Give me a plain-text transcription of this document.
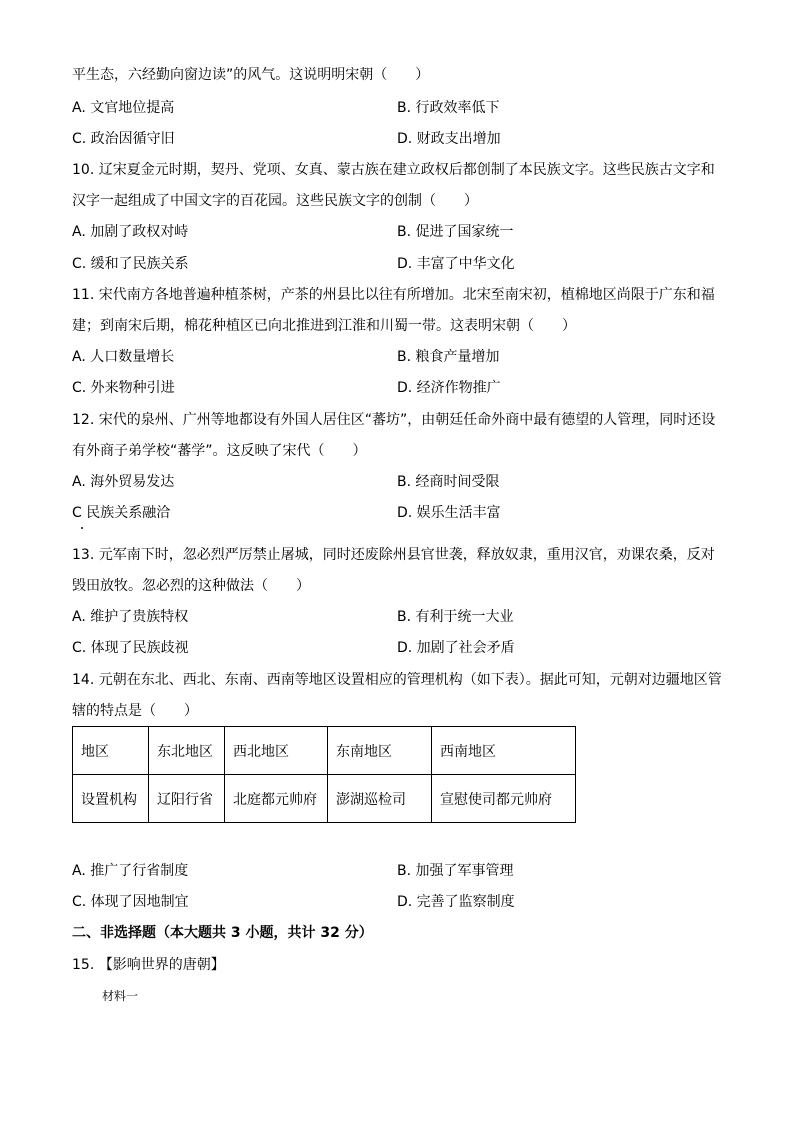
平生态，六经勤向窗边读”的风气。这说明明宋朝（　　）
A. 文官地位提高	B. 行政效率低下
C. 政治因循守旧	D. 财政支出增加
10. 辽宋夏金元时期，契丹、党项、女真、蒙古族在建立政权后都创制了本民族文字。这些民族古文字和
汉字一起组成了中国文字的百花园。这些民族文字的创制（　　）
A. 加剧了政权对峙	B. 促进了国家统一
C. 缓和了民族关系	D. 丰富了中华文化
11. 宋代南方各地普遍种植茶树，产茶的州县比以往有所增加。北宋至南宋初，植棉地区尚限于广东和福
建；到南宋后期，棉花种植区已向北推进到江淮和川蜀一带。这表明宋朝（　　）
A. 人口数量增长	B. 粮食产量增加
C. 外来物种引进	D. 经济作物推广
12. 宋代的泉州、广州等地都设有外国人居住区“蕃坊”，由朝廷任命外商中最有德望的人管理，同时还设
有外商子弟学校“蕃学”。这反映了宋代（　　）
A. 海外贸易发达	B. 经商时间受限
C 民族关系融洽	D. 娱乐生活丰富
13. 元军南下时，忽必烈严厉禁止屠城，同时还废除州县官世袭，释放奴隶，重用汉官，劝课农桑，反对
毁田放牧。忽必烈的这种做法（　　）
A. 维护了贵族特权	B. 有利于统一大业
C. 体现了民族歧视	D. 加剧了社会矛盾
14. 元朝在东北、西北、东南、西南等地区设置相应的管理机构（如下表）。据此可知，元朝对边疆地区管
辖的特点是（　　）
地区	东北地区	西北地区	东南地区	西南地区
设置机构	辽阳行省	北庭都元帅府	澎湖巡检司	宣慰使司都元帅府
A. 推广了行省制度	B. 加强了军事管理
C. 体现了因地制宜	D. 完善了监察制度
二、非选择题（本大题共 3 小题，共计 32 分）
15. 【影响世界的唐朝】
材料一
